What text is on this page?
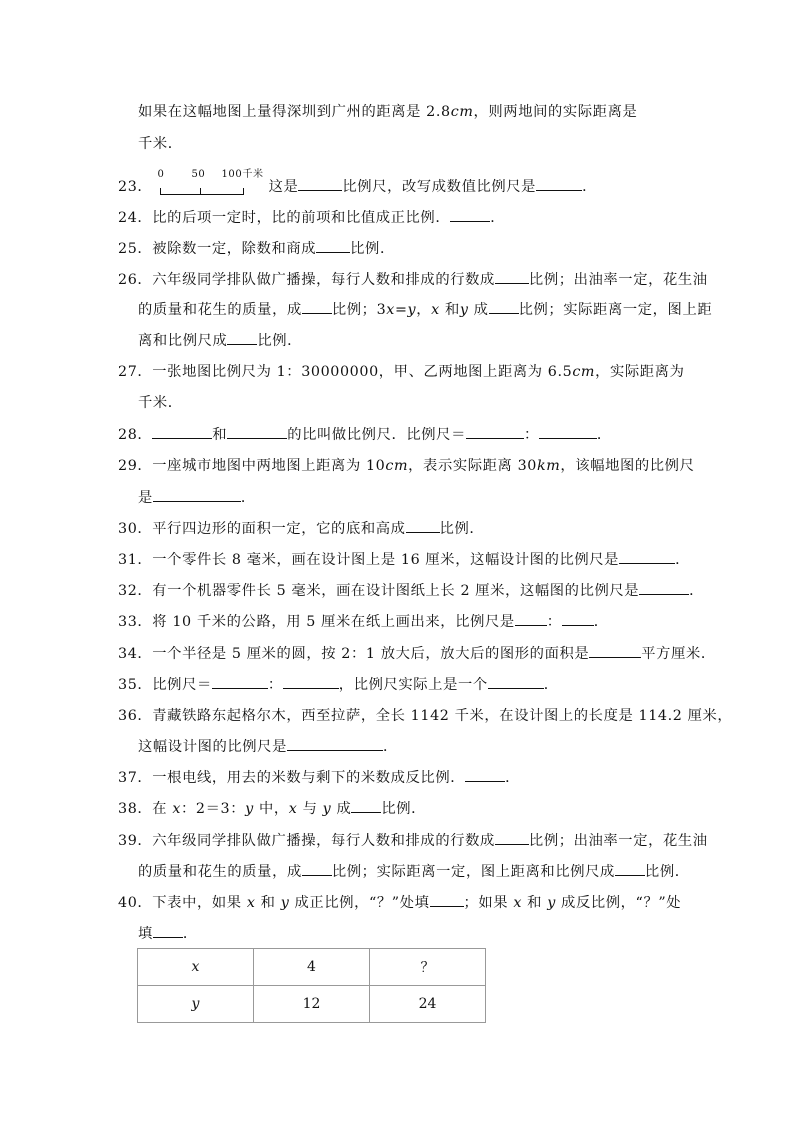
如果在这幅地图上量得深圳到广州的距离是 2.8cm，则两地间的实际距离是
千米．
23．
0	50 100千米
这是	比例尺，改写成数值比例尺是	．
24．比的后项一定时，比的前项和比值成正比例．	．
25．被除数一定，除数和商成 比例．
26．六年级同学排队做广播操，每行人数和排成的行数成 比例；出油率一定，花生油
的质量和花生的质量，成 比例；3x=y，x 和y 成 比例；实际距离一定，图上距
离和比例尺成 比例．
27．一张地图比例尺为 1：30000000，甲、乙两地图上距离为 6.5cm，实际距离为
千米．
28．	和	的比叫做比例尺．比例尺＝	：	．
29．一座城市地图中两地图上距离为 10cm，表示实际距离 30km，该幅地图的比例尺
是	．
30．平行四边形的面积一定，它的底和高成 比例．
31．一个零件长 8 毫米，画在设计图上是 16 厘米，这幅设计图的比例尺是	．
32．有一个机器零件长 5 毫米，画在设计图纸上长 2 厘米，这幅图的比例尺是	．
33．将 10 千米的公路，用 5 厘米在纸上画出来，比例尺是 ： ．
34．一个半径是 5 厘米的圆，按 2：1 放大后，放大后的图形的面积是	平方厘米．
35．比例尺＝	：	，比例尺实际上是一个	．
36．青藏铁路东起格尔木，西至拉萨，全长 1142 千米，在设计图上的长度是 114.2 厘米，
这幅设计图的比例尺是	．
37．一根电线，用去的米数与剩下的米数成反比例．	．
38．在 x：2＝3：y 中，x 与 y 成 比例．
39．六年级同学排队做广播操，每行人数和排成的行数成 比例；出油率一定，花生油
的质量和花生的质量，成 比例；实际距离一定，图上距离和比例尺成 比例．
40．下表中，如果 x 和 y 成正比例，“？”处填 ；如果 x 和 y 成反比例，“？”处
填 ．
x	4	？
y	12	24
